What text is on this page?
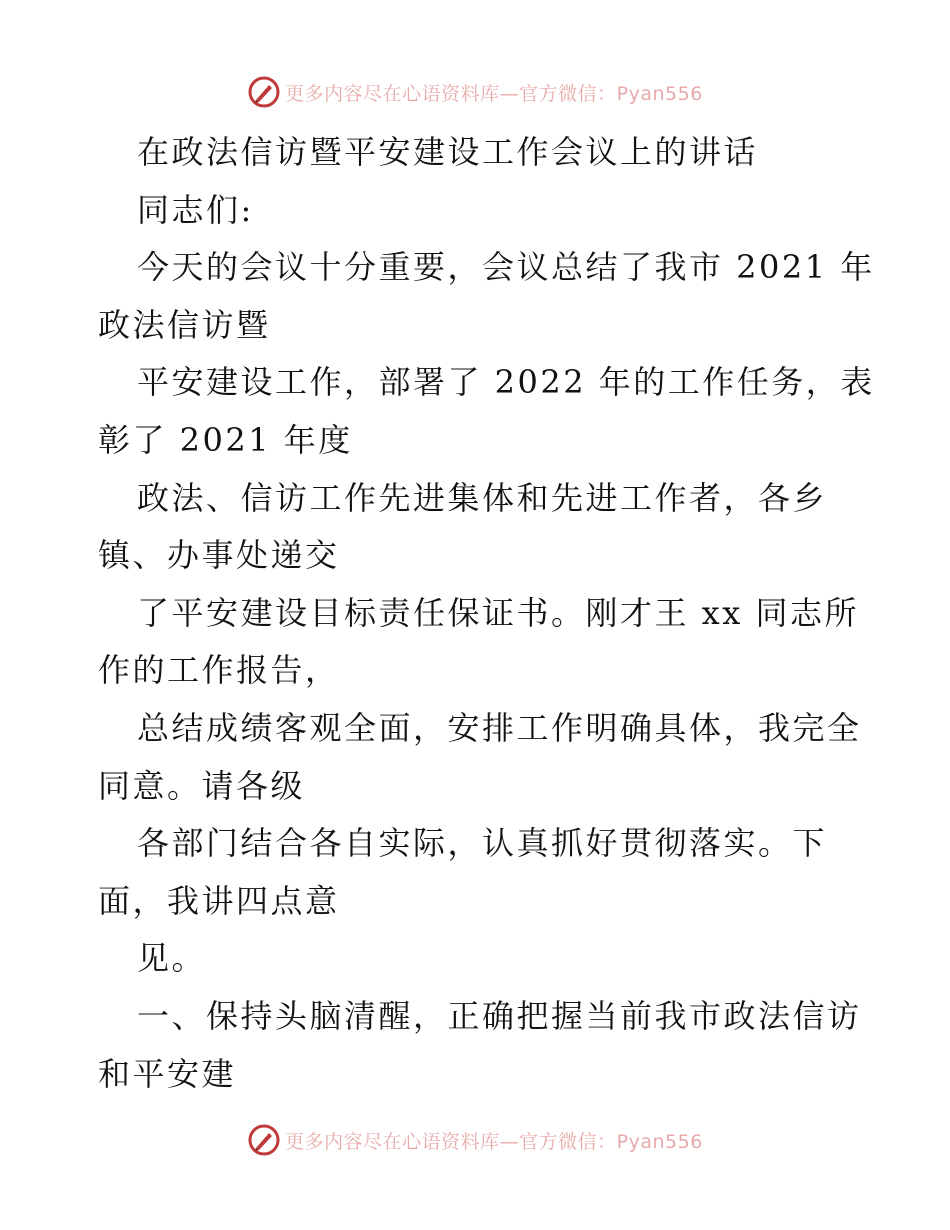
更多内容尽在心语资料库—官方微信：Pyan556
在政法信访暨平安建设工作会议上的讲话
同志们:
今天的会议十分重要，会议总结了我市 2021 年
政法信访暨
平安建设工作，部署了 2022 年的工作任务，表
彰了 2021 年度
政法、信访工作先进集体和先进工作者，各乡
镇、办事处递交
了平安建设目标责任保证书。刚才王 xx 同志所
作的工作报告，
总结成绩客观全面，安排工作明确具体，我完全
同意。请各级
各部门结合各自实际，认真抓好贯彻落实。下
面，我讲四点意
见。
一、保持头脑清醒，正确把握当前我市政法信访
和平安建
更多内容尽在心语资料库—官方微信：Pyan556
